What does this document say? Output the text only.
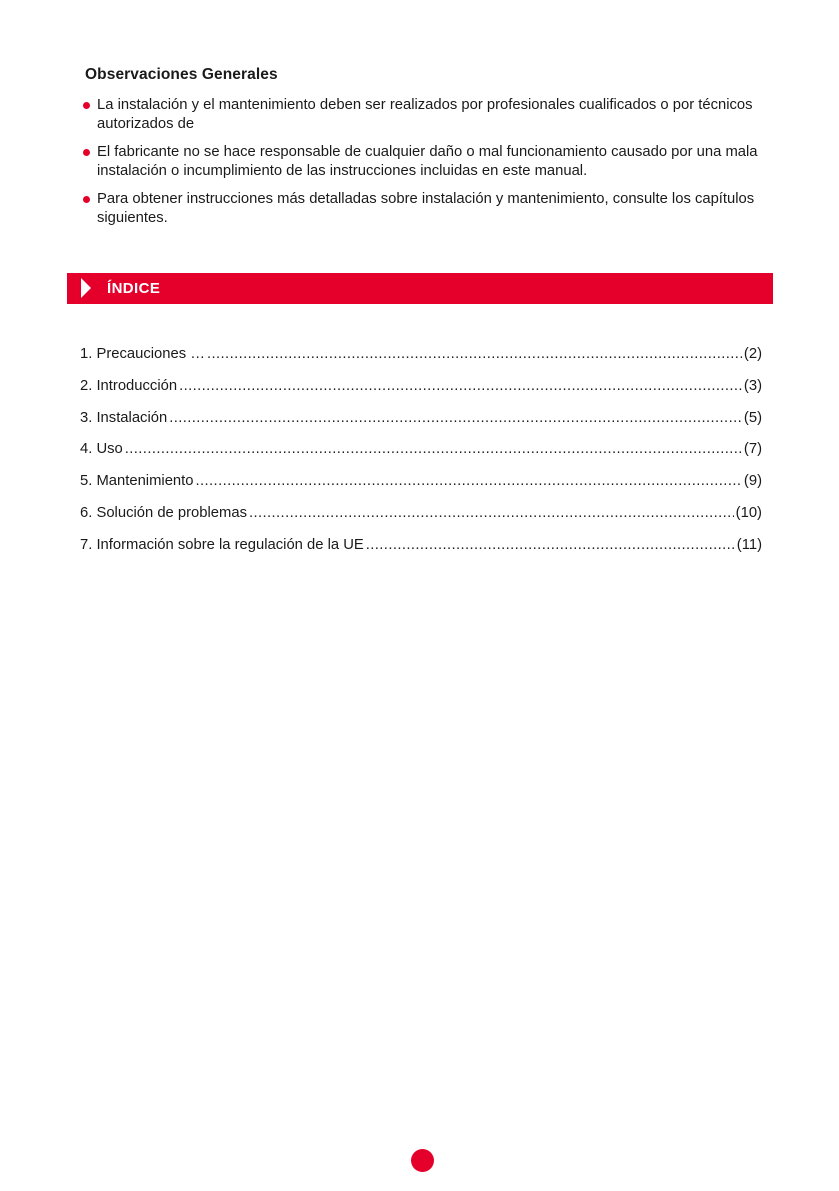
Observaciones Generales
La instalación y el mantenimiento deben ser realizados por profesionales cualificados o por técnicos autorizados de
El fabricante no se hace responsable de cualquier daño o mal funcionamiento causado por una mala instalación o incumplimiento de las instrucciones incluidas en este manual.
Para obtener instrucciones más detalladas sobre instalación y mantenimiento, consulte los capítulos siguientes.
ÍNDICE
1. Precauciones … .....	(2)
2. Introducción .....	(3)
3. Instalación .....	(5)
4. Uso .....	(7)
5. Mantenimiento .....	(9)
6. Solución de problemas .....	(10)
7. Información sobre la regulación de la UE .....	(11)
